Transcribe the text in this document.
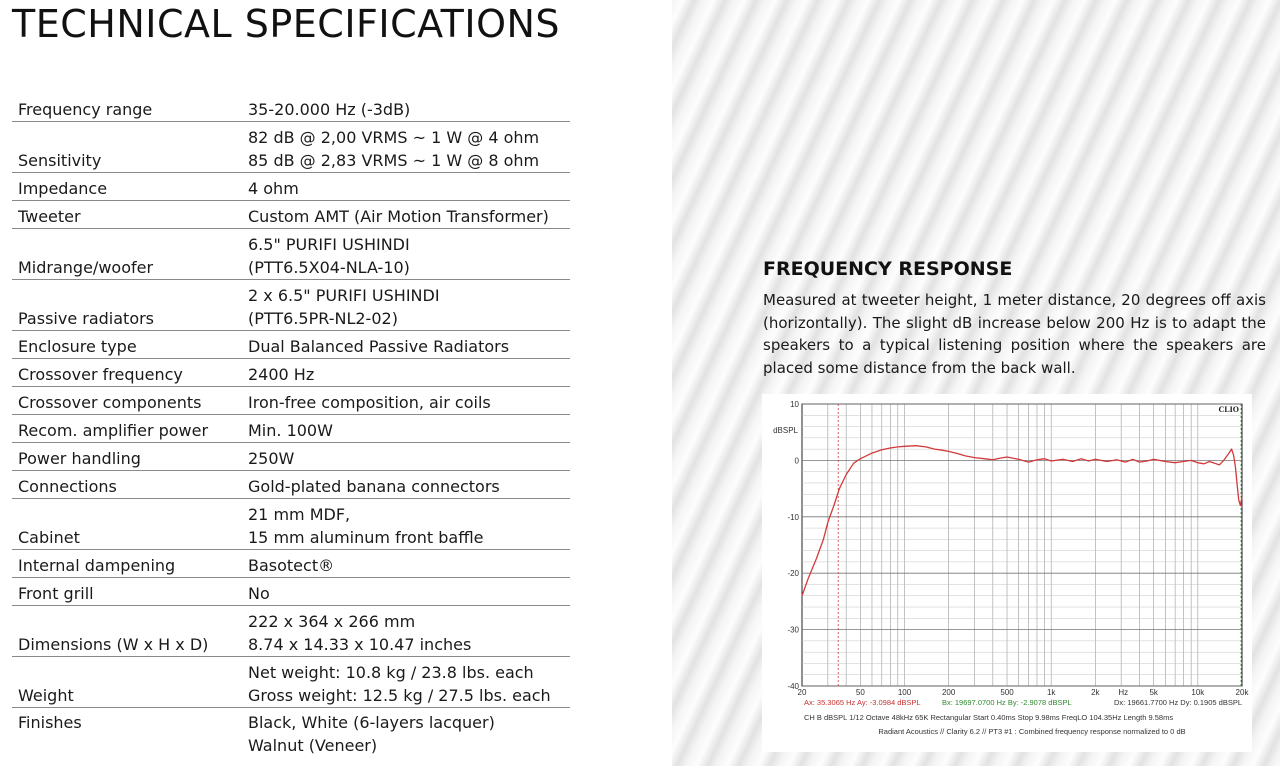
TECHNICAL SPECIFICATIONS
Frequency range	35-20.000 Hz (-3dB)

Sensitivity	82 dB @ 2,00 VRMS ~ 1 W @ 4 ohm
85 dB @ 2,83 VRMS ~ 1 W @ 8 ohm

Impedance	4 ohm

Tweeter	Custom AMT (Air Motion Transformer)

Midrange/woofer	6.5" PURIFI USHINDI
(PTT6.5X04-NLA-10)

Passive radiators	2 x 6.5" PURIFI USHINDI
(PTT6.5PR-NL2-02)

Enclosure type	Dual Balanced Passive Radiators

Crossover frequency	2400 Hz

Crossover components	Iron-free composition, air coils

Recom. amplifier power	Min. 100W

Power handling	250W

Connections	Gold-plated banana connectors

Cabinet	21 mm MDF,
15 mm aluminum front baffle

Internal dampening	Basotect®

Front grill	No

Dimensions (W x H x D)	222 x 364 x 266 mm
8.74 x 14.33 x 10.47 inches

Weight	Net weight: 10.8 kg / 23.8 lbs. each
Gross weight: 12.5 kg / 27.5 lbs. each

Finishes	Black, White (6-layers lacquer)
Walnut (Veneer)
FREQUENCY RESPONSE

Measured at tweeter height, 1 meter distance, 20 degrees off axis (horizontally). The slight dB increase below 200 Hz is to adapt the speakers to a typical listening position where the speakers are placed some distance from the back wall.

10
0
-10
-20
-30
-40
dBSPL
20	50	100	200	500	1k	2k	5k	10k	20k
Hz
CLIO
Ax: 35.3065 Hz Ay: -3.0984 dBSPL	Bx: 19697.0700 Hz By: -2.9078 dBSPL	Dx: 19661.7700 Hz Dy: 0.1905 dBSPL
CH B dBSPL 1/12 Octave 48kHz 65K Rectangular Start 0.40ms Stop 9.98ms FreqLO 104.35Hz Length 9.58ms
Radiant Acoustics // Clarity 6.2 // PT3 #1 : Combined frequency response normalized to 0 dB
